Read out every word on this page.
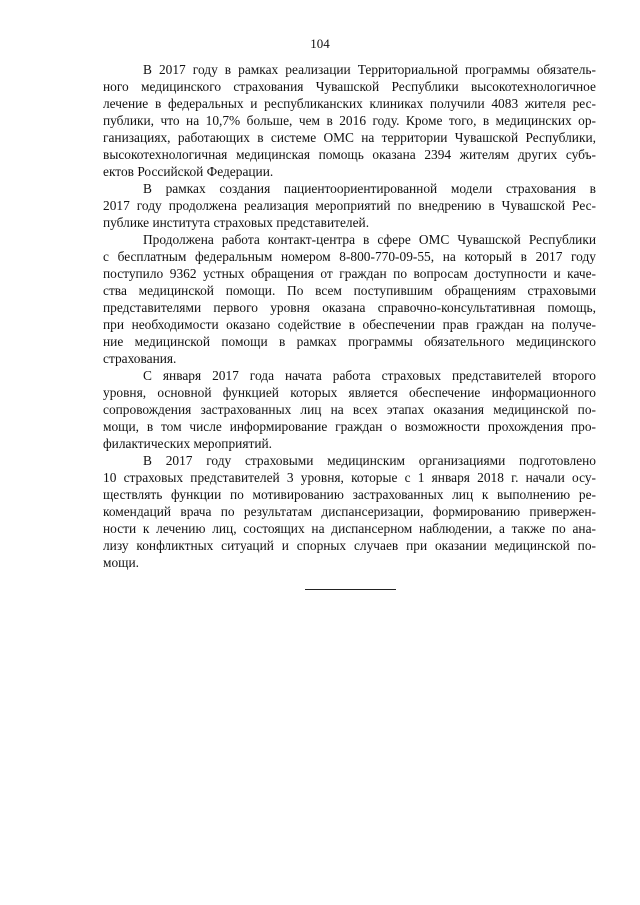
104
В 2017 году в рамках реализации Территориальной программы обязатель-
ного медицинского страхования Чувашской Республики высокотехнологичное
лечение в федеральных и республиканских клиниках получили 4083 жителя рес-
публики, что на 10,7% больше, чем в 2016 году. Кроме того, в медицинских ор-
ганизациях, работающих в системе ОМС на территории Чувашской Республики,
высокотехнологичная медицинская помощь оказана 2394 жителям других субъ-
ектов Российской Федерации.
В рамках создания пациентоориентированной модели страхования в
2017 году продолжена реализация мероприятий по внедрению в Чувашской Рес-
публике института страховых представителей.
Продолжена работа контакт-центра в сфере ОМС Чувашской Республики
с бесплатным федеральным номером 8-800-770-09-55, на который в 2017 году
поступило 9362 устных обращения от граждан по вопросам доступности и каче-
ства медицинской помощи. По всем поступившим обращениям страховыми
представителями первого уровня оказана справочно-консультативная помощь,
при необходимости оказано содействие в обеспечении прав граждан на получе-
ние медицинской помощи в рамках программы обязательного медицинского
страхования.
С января 2017 года начата работа страховых представителей второго
уровня, основной функцией которых является обеспечение информационного
сопровождения застрахованных лиц на всех этапах оказания медицинской по-
мощи, в том числе информирование граждан о возможности прохождения про-
филактических мероприятий.
В 2017 году страховыми медицинским организациями подготовлено
10 страховых представителей 3 уровня, которые с 1 января 2018 г. начали осу-
ществлять функции по мотивированию застрахованных лиц к выполнению ре-
комендаций врача по результатам диспансеризации, формированию привержен-
ности к лечению лиц, состоящих на диспансерном наблюдении, а также по ана-
лизу конфликтных ситуаций и спорных случаев при оказании медицинской по-
мощи.
